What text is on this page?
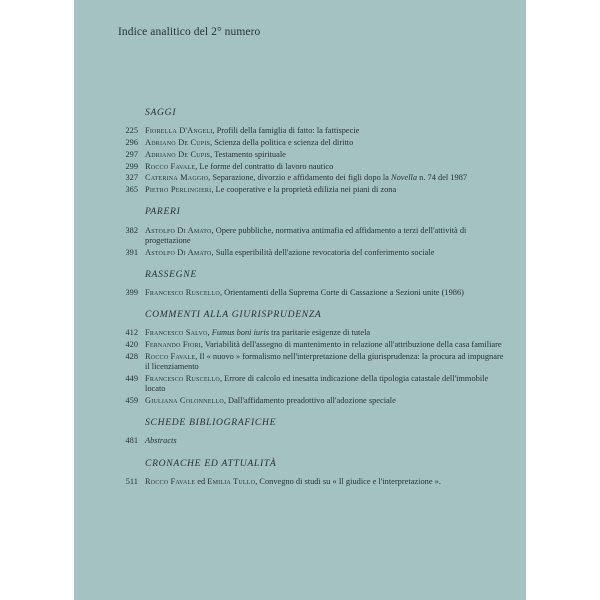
Indice analitico del 2° numero
SAGGI
225 Fiorella D'Angeli, Profili della famiglia di fatto: la fattispecie
296 Adriano De Cupis, Scienza della politica e scienza del diritto
297 Adriano De Cupis, Testamento spirituale
299 Rocco Favale, Le forme del contratto di lavoro nautico
327 Caterina Maggio, Separazione, divorzio e affidamento dei figli dopo la Novella n. 74 del 1987
365 Pietro Perlingieri, Le cooperative e la proprietà edilizia nei piani di zona
PARERI
382 Astolfo Di Amato, Opere pubbliche, normativa antimafia ed affidamento a terzi dell'attività di progettazione
391 Astolfo Di Amato, Sulla esperibilità dell'azione revocatoria del conferimento sociale
RASSEGNE
399 Francesco Ruscello, Orientamenti della Suprema Corte di Cassazione a Sezioni unite (1986)
COMMENTI ALLA GIURISPRUDENZA
412 Francesco Salvo, Fumus boni iuris tra paritarie esigenze di tutela
420 Fernando Fiori, Variabilità dell'assegno di mantenimento in relazione all'attribuzione della casa familiare
428 Rocco Favale, Il « nuovo » formalismo nell'interpretazione della giurisprudenza: la procura ad impugnare il licenziamento
449 Francesco Ruscello, Errore di calcolo ed inesatta indicazione della tipologia catastale dell'immobile locato
459 Giuliana Colonnello, Dall'affidamento preadottivo all'adozione speciale
SCHEDE BIBLIOGRAFICHE
481 Abstracts
CRONACHE ED ATTUALITÀ
511 Rocco Favale ed Emilia Tullo, Convegno di studi su « Il giudice e l'interpretazione ».
